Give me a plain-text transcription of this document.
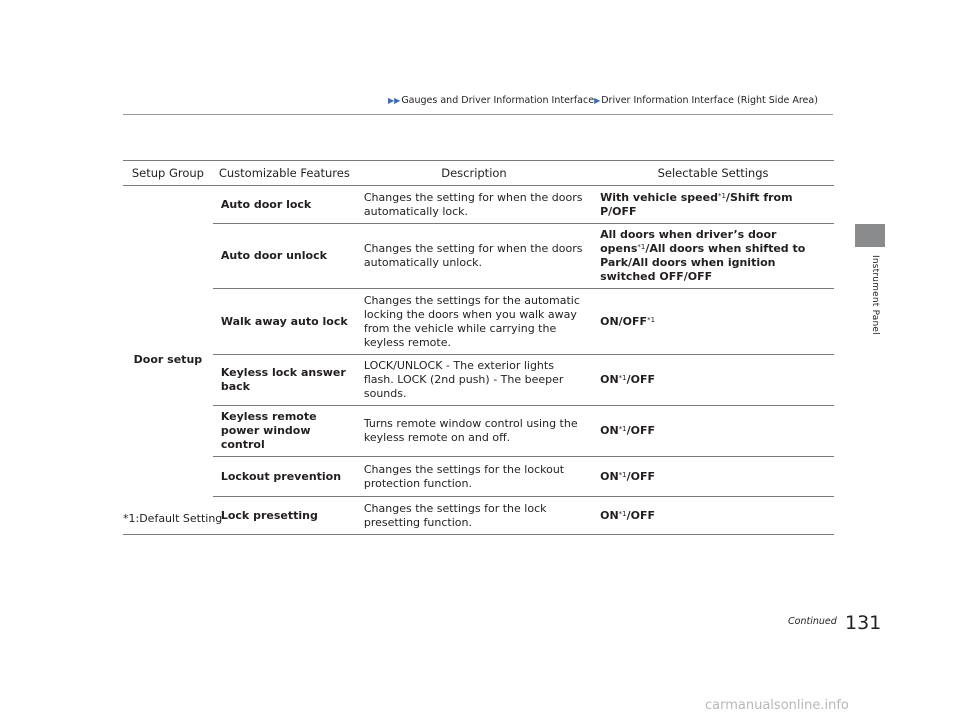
▶▶Gauges and Driver Information Interface▶Driver Information Interface (Right Side Area)
Instrument Panel
Setup Group	Customizable Features	Description	Selectable Settings
Door setup	Auto door lock	Changes the setting for when the doors automatically lock.	With vehicle speed$^{*1}$/Shift from P/OFF
	Auto door unlock	Changes the setting for when the doors automatically unlock.	All doors when driver’s door opens$^{*1}$/All doors when shifted to Park/All doors when ignition switched OFF/OFF
	Walk away auto lock	Changes the settings for the automatic locking the doors when you walk away from the vehicle while carrying the keyless remote.	ON/OFF$^{*1}$
	Keyless lock answer back	LOCK/UNLOCK - The exterior lights flash. LOCK (2nd push) - The beeper sounds.	ON$^{*1}$/OFF
	Keyless remote power window control	Turns remote window control using the keyless remote on and off.	ON$^{*1}$/OFF
	Lockout prevention	Changes the settings for the lockout protection function.	ON$^{*1}$/OFF
	Lock presetting	Changes the settings for the lock presetting function.	ON$^{*1}$/OFF
*1:Default Setting
Continued 131
carmanualsonline.info
